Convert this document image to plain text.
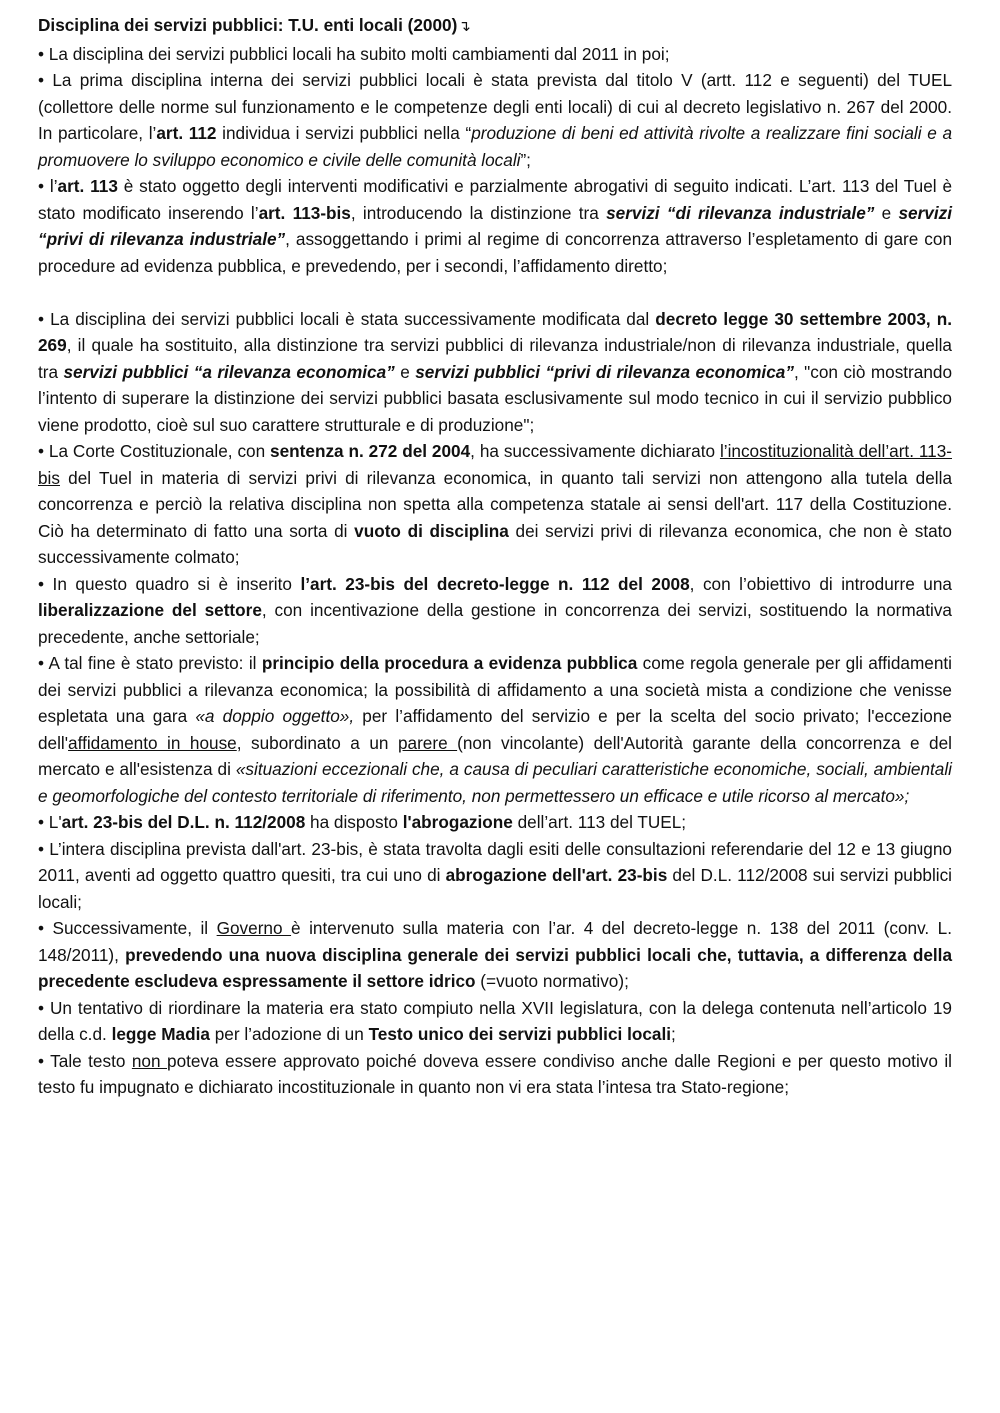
Disciplina dei servizi pubblici: T.U. enti locali (2000)↴

• La disciplina dei servizi pubblici locali ha subito molti cambiamenti dal 2011 in poi;

• La prima disciplina interna dei servizi pubblici locali è stata prevista dal titolo V (artt. 112 e seguenti) del TUEL (collettore delle norme sul funzionamento e le competenze degli enti locali) di cui al decreto legislativo n. 267 del 2000. In particolare, l’art. 112 individua i servizi pubblici nella “produzione di beni ed attività rivolte a realizzare fini sociali e a promuovere lo sviluppo economico e civile delle comunità locali”;

• l’art. 113 è stato oggetto degli interventi modificativi e parzialmente abrogativi di seguito indicati. L’art. 113 del Tuel è stato modificato inserendo l’art. 113-bis, introducendo la distinzione tra servizi “di rilevanza industriale” e servizi “privi di rilevanza industriale”, assoggettando i primi al regime di concorrenza attraverso l’espletamento di gare con procedure ad evidenza pubblica, e prevedendo, per i secondi, l’affidamento diretto;

• La disciplina dei servizi pubblici locali è stata successivamente modificata dal decreto legge 30 settembre 2003, n. 269, il quale ha sostituito, alla distinzione tra servizi pubblici di rilevanza industriale/non di rilevanza industriale, quella tra servizi pubblici “a rilevanza economica” e servizi pubblici “privi di rilevanza economica”, "con ciò mostrando l’intento di superare la distinzione dei servizi pubblici basata esclusivamente sul modo tecnico in cui il servizio pubblico viene prodotto, cioè sul suo carattere strutturale e di produzione";

• La Corte Costituzionale, con sentenza n. 272 del 2004, ha successivamente dichiarato l’incostituzionalità dell’art. 113-bis del Tuel in materia di servizi privi di rilevanza economica, in quanto tali servizi non attengono alla tutela della concorrenza e perciò la relativa disciplina non spetta alla competenza statale ai sensi dell'art. 117 della Costituzione. Ciò ha determinato di fatto una sorta di vuoto di disciplina dei servizi privi di rilevanza economica, che non è stato successivamente colmato;

• In questo quadro si è inserito l’art. 23-bis del decreto-legge n. 112 del 2008, con l’obiettivo di introdurre una liberalizzazione del settore, con incentivazione della gestione in concorrenza dei servizi, sostituendo la normativa precedente, anche settoriale;

• A tal fine è stato previsto: il principio della procedura a evidenza pubblica come regola generale per gli affidamenti dei servizi pubblici a rilevanza economica; la possibilità di affidamento a una società mista a condizione che venisse espletata una gara «a doppio oggetto», per l’affidamento del servizio e per la scelta del socio privato; l'eccezione dell'affidamento in house, subordinato a un parere (non vincolante) dell'Autorità garante della concorrenza e del mercato e all'esistenza di «situazioni eccezionali che, a causa di peculiari caratteristiche economiche, sociali, ambientali e geomorfologiche del contesto territoriale di riferimento, non permettessero un efficace e utile ricorso al mercato»;

• L'art. 23-bis del D.L. n. 112/2008 ha disposto l'abrogazione dell’art. 113 del TUEL;

• L’intera disciplina prevista dall'art. 23-bis, è stata travolta dagli esiti delle consultazioni referendarie del 12 e 13 giugno 2011, aventi ad oggetto quattro quesiti, tra cui uno di abrogazione dell'art. 23-bis del D.L. 112/2008 sui servizi pubblici locali;

• Successivamente, il Governo è intervenuto sulla materia con l’ar. 4 del decreto-legge n. 138 del 2011 (conv. L. 148/2011), prevedendo una nuova disciplina generale dei servizi pubblici locali che, tuttavia, a differenza della precedente escludeva espressamente il settore idrico (=vuoto normativo);

• Un tentativo di riordinare la materia era stato compiuto nella XVII legislatura, con la delega contenuta nell’articolo 19 della c.d. legge Madia per l’adozione di un Testo unico dei servizi pubblici locali;

• Tale testo non poteva essere approvato poiché doveva essere condiviso anche dalle Regioni e per questo motivo il testo fu impugnato e dichiarato incostituzionale in quanto non vi era stata l’intesa tra Stato-regione;
